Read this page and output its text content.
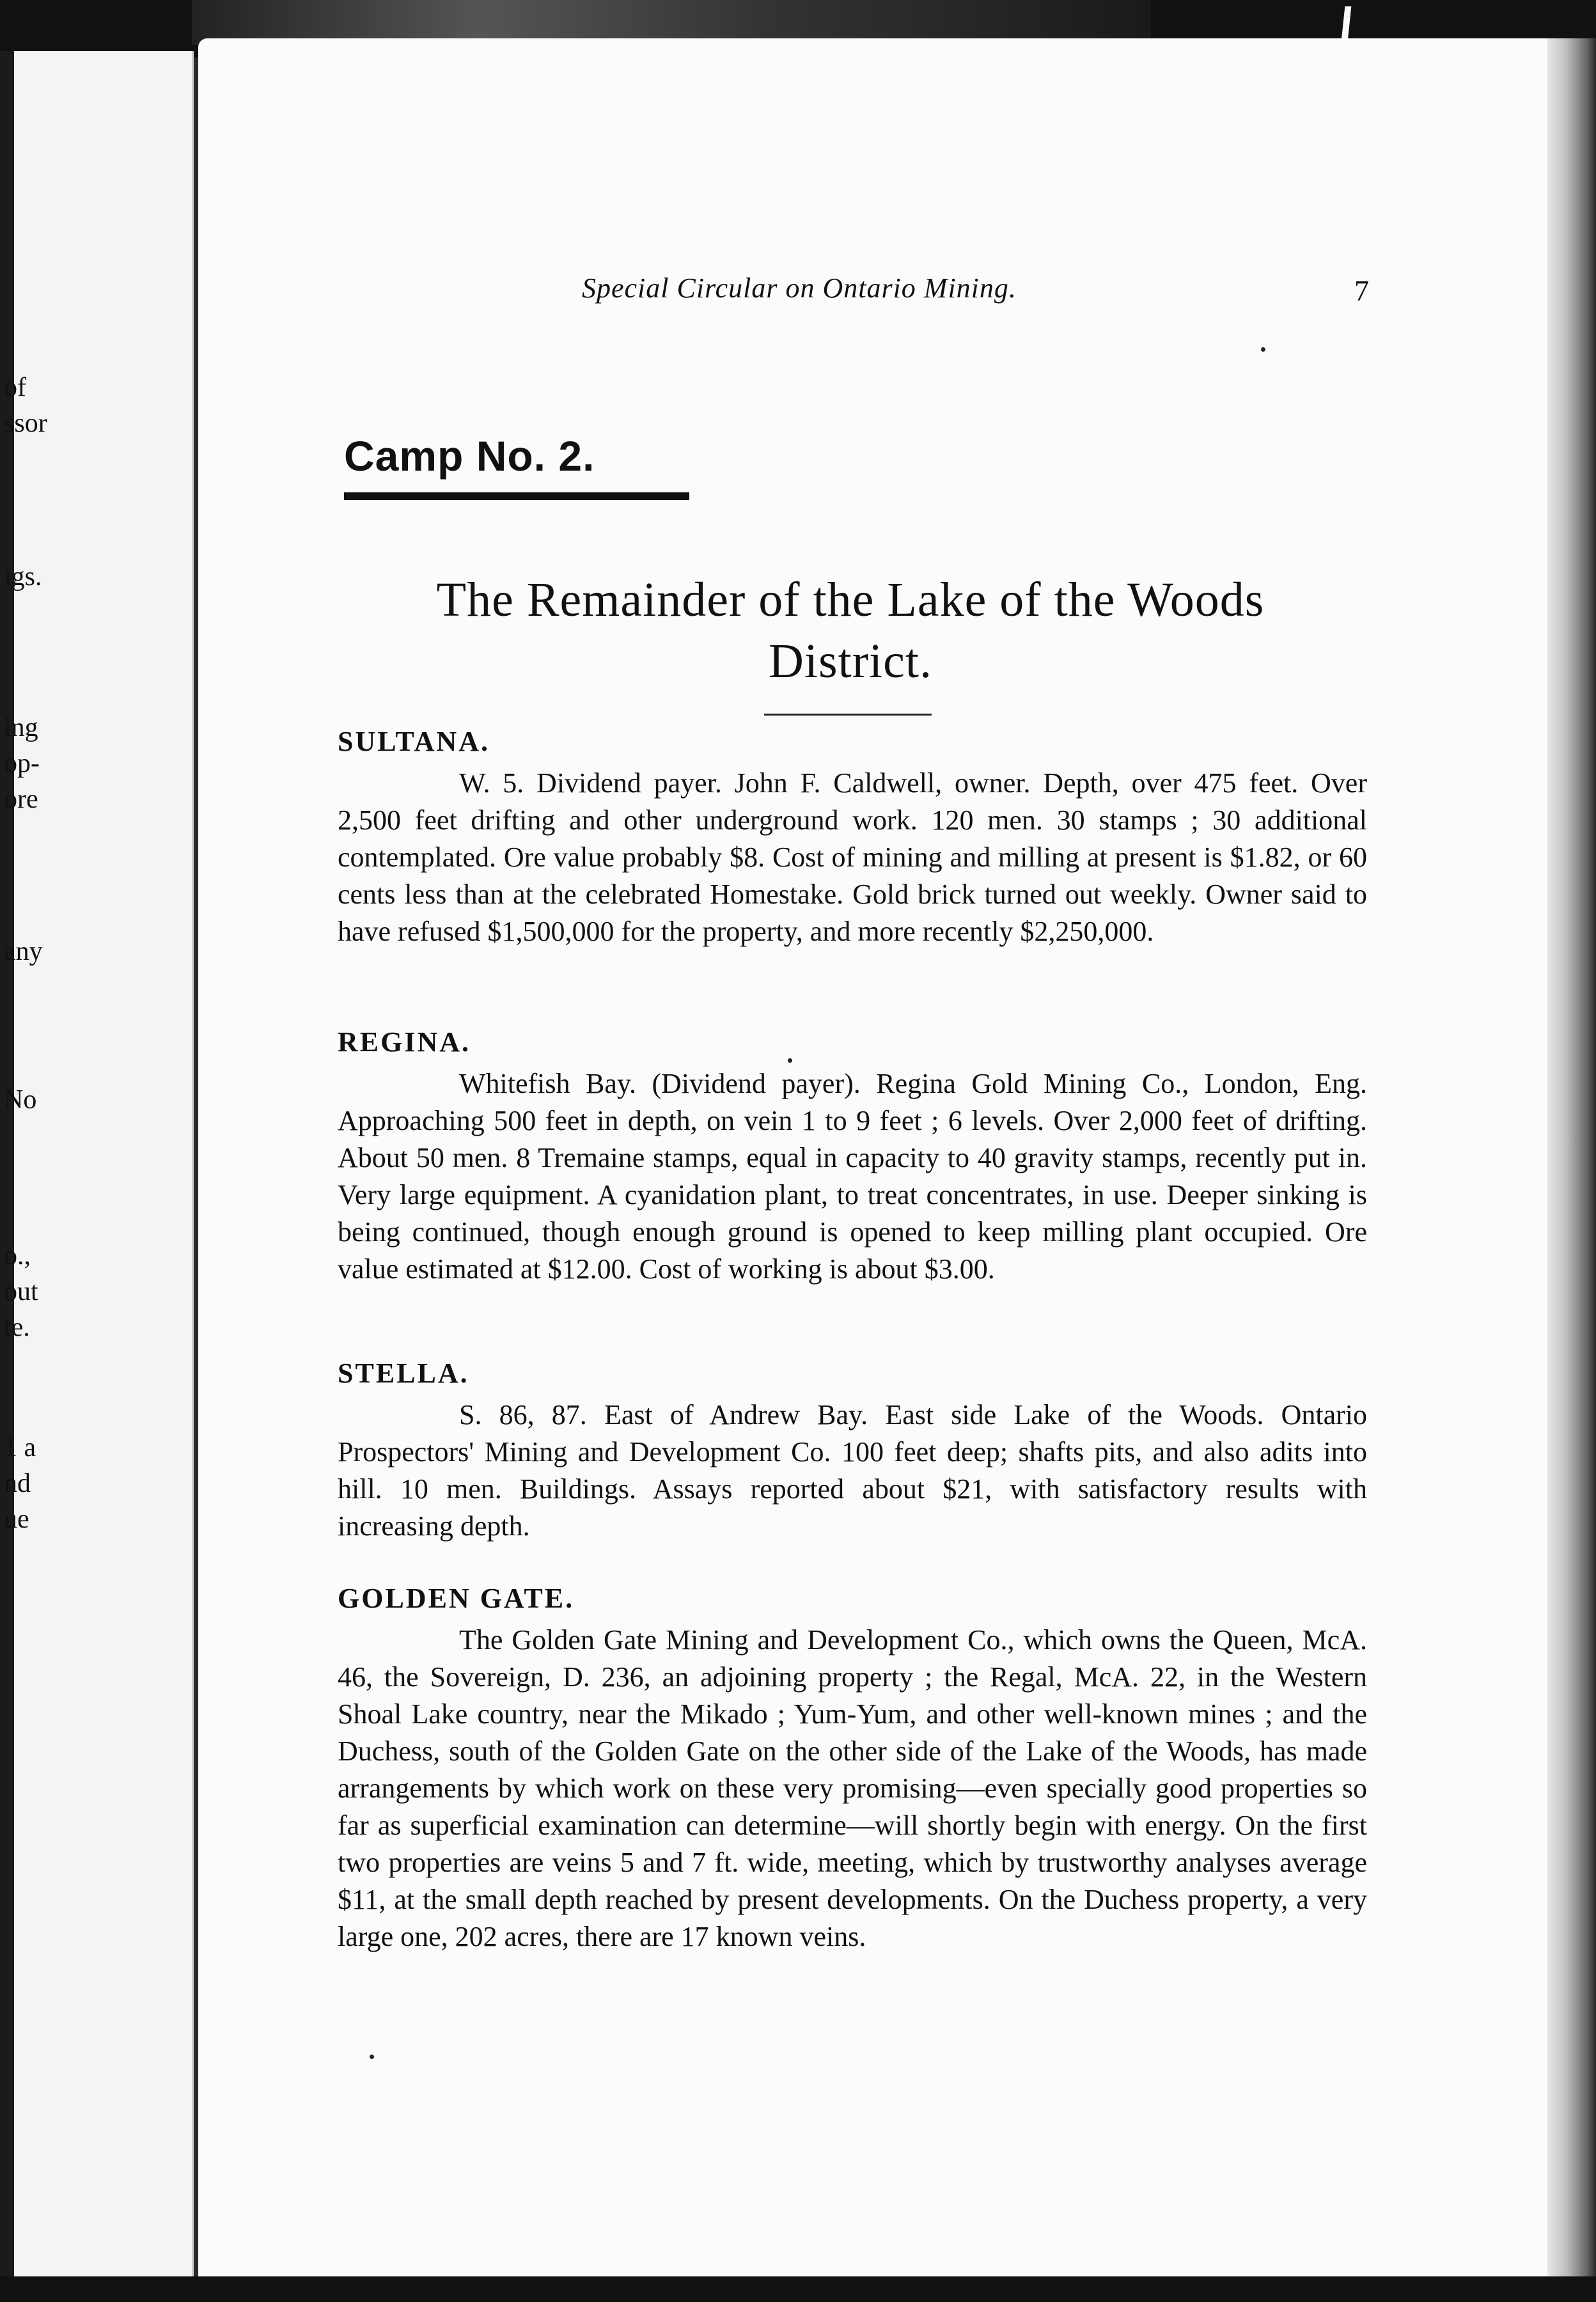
of
ssor
igs.
ing
op-
ore
any
No
o.,
out
te.
1 a
nd
ue
Special Circular on Ontario Mining.	7
Camp No. 2.
The Remainder of the Lake of the Woods District.

SULTANA.

W. 5. Dividend payer. John F. Caldwell, owner. Depth, over 475 feet. Over 2,500 feet drifting and other underground work. 120 men. 30 stamps ; 30 additional contemplated. Ore value probably $8. Cost of mining and milling at present is $1.82, or 60 cents less than at the celebrated Homestake. Gold brick turned out weekly. Owner said to have refused $1,500,000 for the property, and more recently $2,250,000.

REGINA.

Whitefish Bay. (Dividend payer). Regina Gold Mining Co., London, Eng. Approaching 500 feet in depth, on vein 1 to 9 feet ; 6 levels. Over 2,000 feet of drifting. About 50 men. 8 Tremaine stamps, equal in capacity to 40 gravity stamps, recently put in. Very large equipment. A cyanidation plant, to treat concentrates, in use. Deeper sinking is being continued, though enough ground is opened to keep milling plant occupied. Ore value estimated at $12.00. Cost of working is about $3.00.

STELLA.

S. 86, 87. East of Andrew Bay. East side Lake of the Woods. Ontario Prospectors' Mining and Development Co. 100 feet deep; shafts pits, and also adits into hill. 10 men. Buildings. Assays reported about $21, with satisfactory results with increasing depth.

GOLDEN GATE.

The Golden Gate Mining and Development Co., which owns the Queen, McA. 46, the Sovereign, D. 236, an adjoining property ; the Regal, McA. 22, in the Western Shoal Lake country, near the Mikado ; Yum-Yum, and other well-known mines ; and the Duchess, south of the Golden Gate on the other side of the Lake of the Woods, has made arrangements by which work on these very promising—even specially good properties so far as superficial examination can determine—will shortly begin with energy. On the first two properties are veins 5 and 7 ft. wide, meeting, which by trustworthy analyses average $11, at the small depth reached by present developments. On the Duchess property, a very large one, 202 acres, there are 17 known veins.
